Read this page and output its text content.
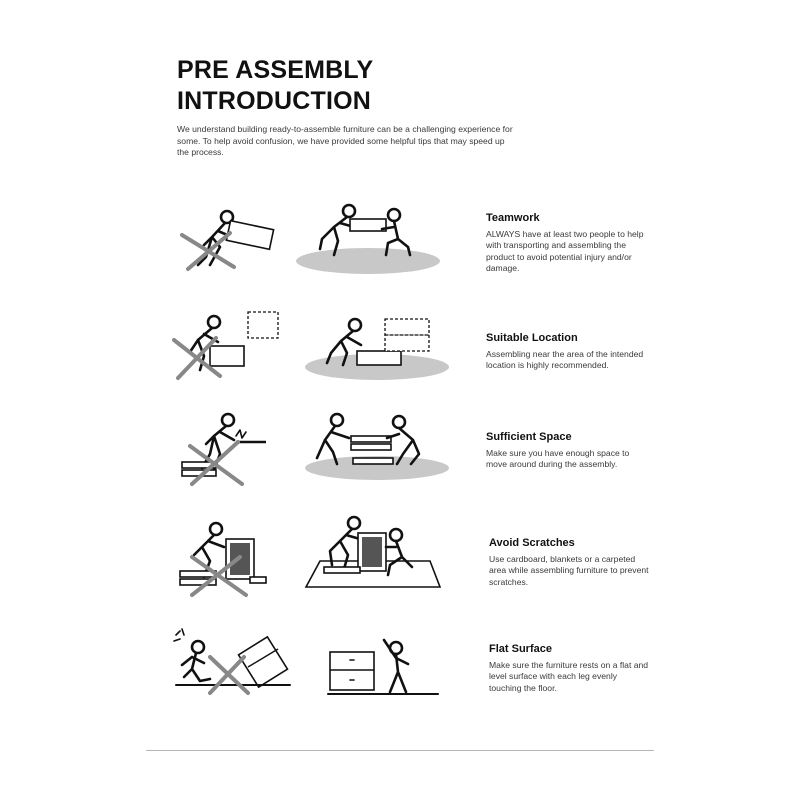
PRE ASSEMBLY
INTRODUCTION

We understand building ready-to-assemble furniture can be a challenging experience for some. To help avoid confusion, we have provided some helpful tips that may speed up the process.

Teamwork

ALWAYS have at least two people to help with transporting and assembling the product to avoid potential injury and/or damage.

Suitable Location

Assembling near the area of the intended location is highly recommended.

Sufficient Space

Make sure you have enough space to move around during the assembly.

Avoid Scratches

Use cardboard, blankets or a carpeted area while assembling furniture to prevent scratches.

Flat Surface

Make sure the furniture rests on a flat and level surface with each leg evenly touching the floor.
